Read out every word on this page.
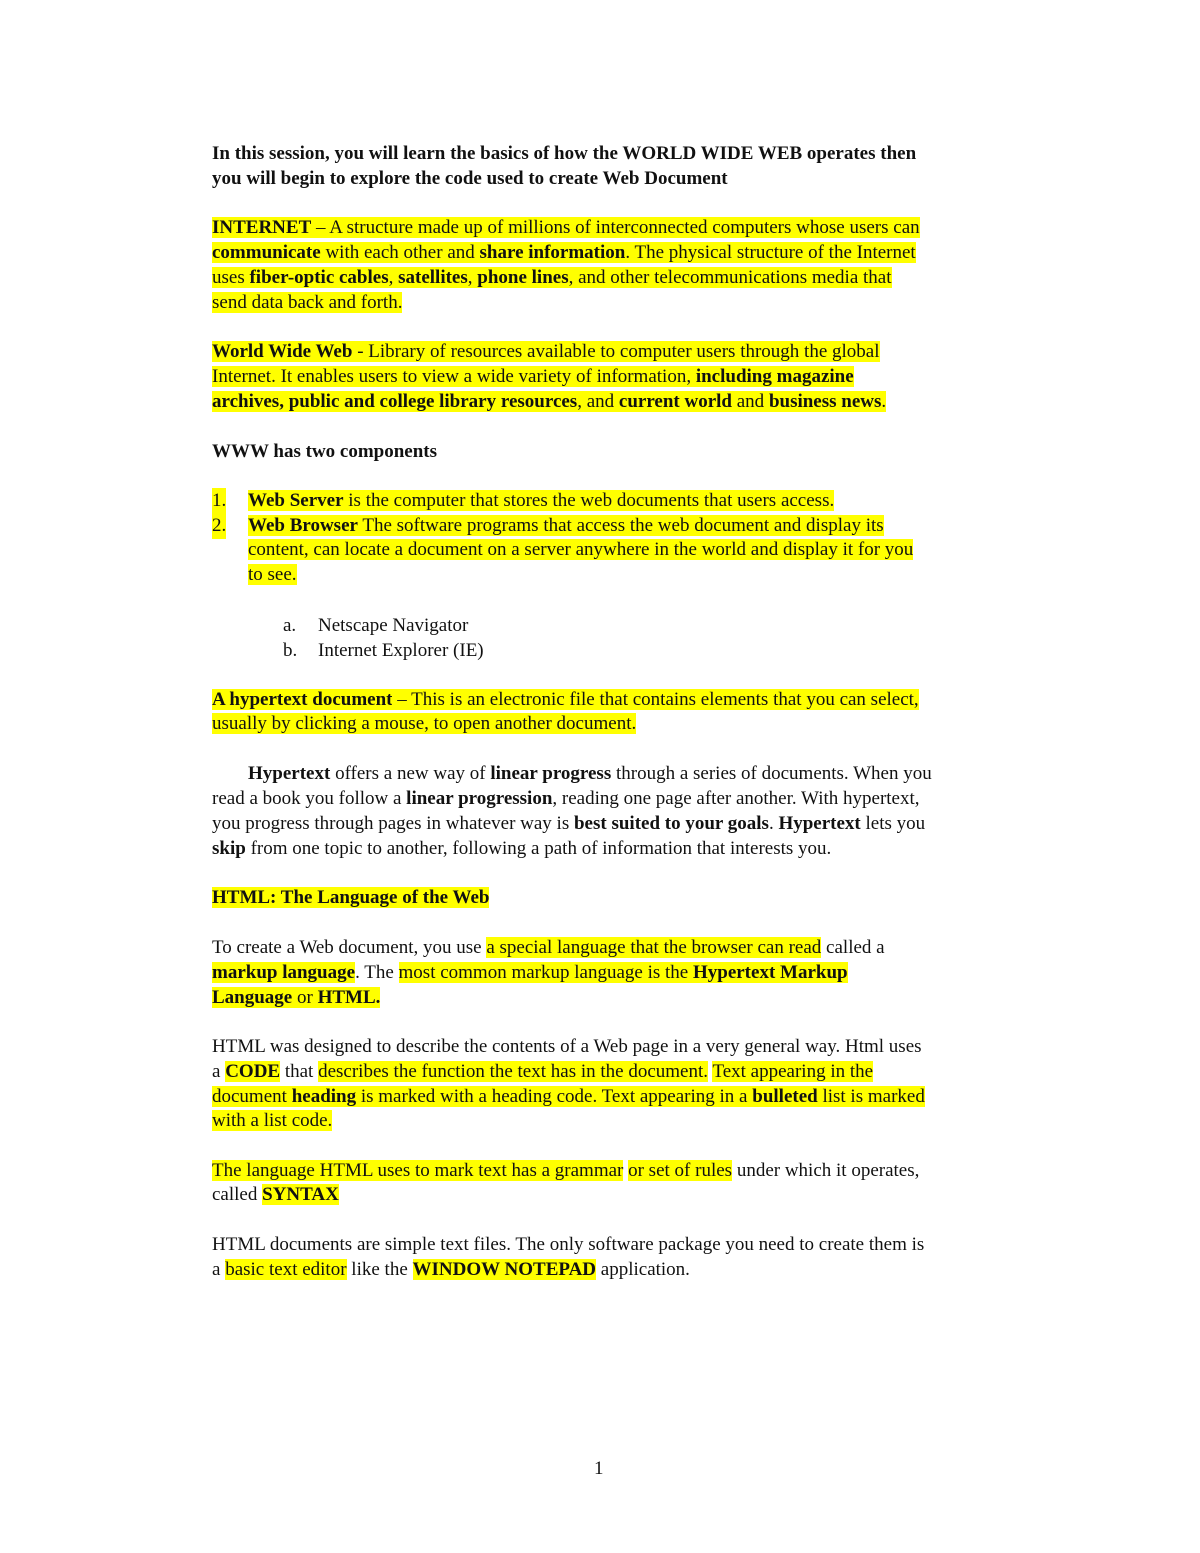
In this session, you will learn the basics of how the WORLD WIDE WEB operates then
you will begin to explore the code used to create Web Document
INTERNET – A structure made up of millions of interconnected computers whose users can
communicate with each other and share information. The physical structure of the Internet
uses fiber-optic cables, satellites, phone lines, and other telecommunications media that
send data back and forth.
World Wide Web - Library of resources available to computer users through the global
Internet. It enables users to view a wide variety of information, including magazine
archives, public and college library resources, and current world and business news.
WWW has two components
1. Web Server is the computer that stores the web documents that users access.
2. Web Browser The software programs that access the web document and display its
content, can locate a document on a server anywhere in the world and display it for you
to see.
a. Netscape Navigator
b. Internet Explorer (IE)
A hypertext document – This is an electronic file that contains elements that you can select,
usually by clicking a mouse, to open another document.
Hypertext offers a new way of linear progress through a series of documents. When you
read a book you follow a linear progression, reading one page after another. With hypertext,
you progress through pages in whatever way is best suited to your goals. Hypertext lets you
skip from one topic to another, following a path of information that interests you.
HTML: The Language of the Web
To create a Web document, you use a special language that the browser can read called a
markup language. The most common markup language is the Hypertext Markup
Language or HTML.
HTML was designed to describe the contents of a Web page in a very general way. Html uses
a CODE that describes the function the text has in the document. Text appearing in the
document heading is marked with a heading code. Text appearing in a bulleted list is marked
with a list code.
The language HTML uses to mark text has a grammar or set of rules under which it operates,
called SYNTAX
HTML documents are simple text files. The only software package you need to create them is
a basic text editor like the WINDOW NOTEPAD application.
1
